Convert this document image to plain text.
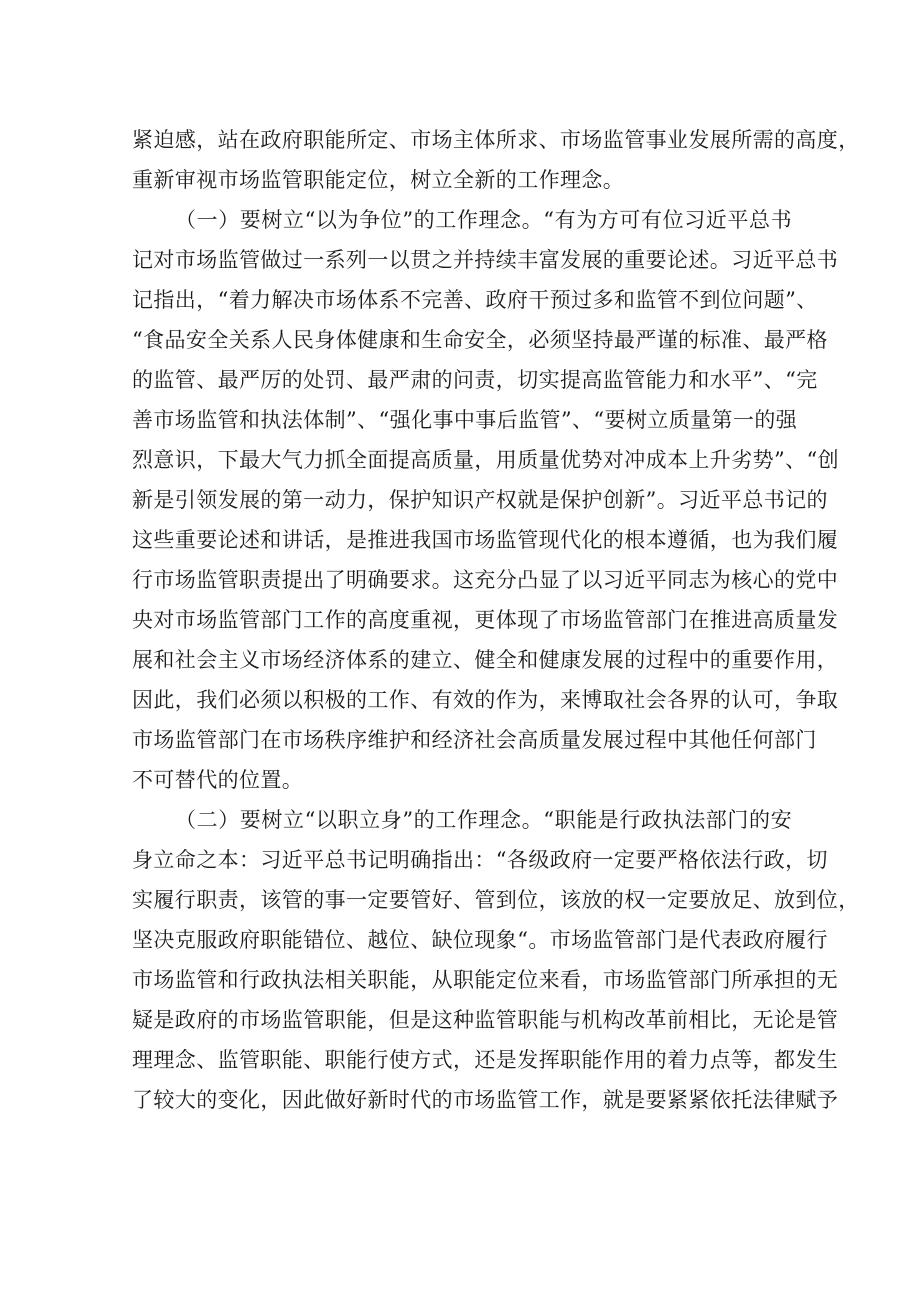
紧迫感，站在政府职能所定、市场主体所求、市场监管事业发展所需的高度，
重新审视市场监管职能定位，树立全新的工作理念。
（一）要树立“以为争位”的工作理念。“有为方可有位习近平总书
记对市场监管做过一系列一以贯之并持续丰富发展的重要论述。习近平总书
记指出，“着力解决市场体系不完善、政府干预过多和监管不到位问题”、
“食品安全关系人民身体健康和生命安全，必须坚持最严谨的标准、最严格
的监管、最严厉的处罚、最严肃的问责，切实提高监管能力和水平”、“完
善市场监管和执法体制”、“强化事中事后监管”、“要树立质量第一的强
烈意识，下最大气力抓全面提高质量，用质量优势对冲成本上升劣势”、“创
新是引领发展的第一动力，保护知识产权就是保护创新”。习近平总书记的
这些重要论述和讲话，是推进我国市场监管现代化的根本遵循，也为我们履
行市场监管职责提出了明确要求。这充分凸显了以习近平同志为核心的党中
央对市场监管部门工作的高度重视，更体现了市场监管部门在推进高质量发
展和社会主义市场经济体系的建立、健全和健康发展的过程中的重要作用，
因此，我们必须以积极的工作、有效的作为，来博取社会各界的认可，争取
市场监管部门在市场秩序维护和经济社会高质量发展过程中其他任何部门
不可替代的位置。
（二）要树立“以职立身”的工作理念。“职能是行政执法部门的安
身立命之本：习近平总书记明确指出：“各级政府一定要严格依法行政，切
实履行职责，该管的事一定要管好、管到位，该放的权一定要放足、放到位，
坚决克服政府职能错位、越位、缺位现象“。市场监管部门是代表政府履行
市场监管和行政执法相关职能，从职能定位来看，市场监管部门所承担的无
疑是政府的市场监管职能，但是这种监管职能与机构改革前相比，无论是管
理理念、监管职能、职能行使方式，还是发挥职能作用的着力点等，都发生
了较大的变化，因此做好新时代的市场监管工作，就是要紧紧依托法律赋予
